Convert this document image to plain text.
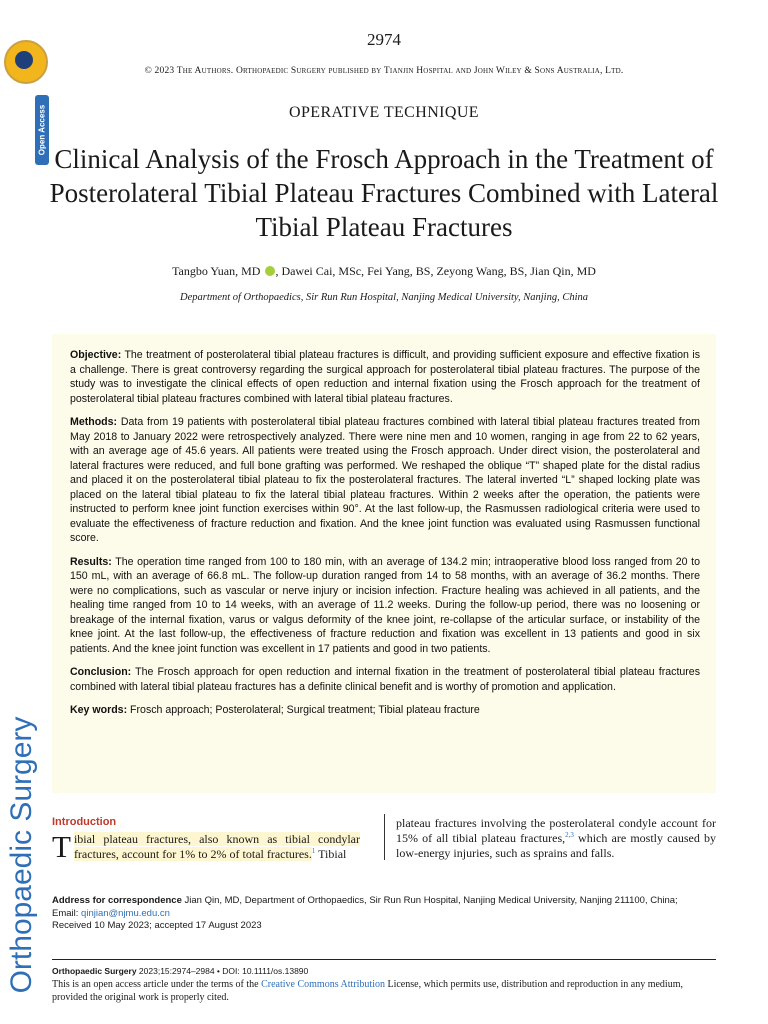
Open Access
Orthopaedic Surgery
2974
© 2023 The Authors. Orthopaedic Surgery published by Tianjin Hospital and John Wiley & Sons Australia, Ltd.
OPERATIVE TECHNIQUE
Clinical Analysis of the Frosch Approach in the Treatment of Posterolateral Tibial Plateau Fractures Combined with Lateral Tibial Plateau Fractures
Tangbo Yuan, MD , Dawei Cai, MSc, Fei Yang, BS, Zeyong Wang, BS, Jian Qin, MD
Department of Orthopaedics, Sir Run Run Hospital, Nanjing Medical University, Nanjing, China

Objective: The treatment of posterolateral tibial plateau fractures is difficult, and providing sufficient exposure and effective fixation is a challenge. There is great controversy regarding the surgical approach for posterolateral tibial plateau fractures. The purpose of the study was to investigate the clinical effects of open reduction and internal fixation using the Frosch approach for the treatment of posterolateral tibial plateau fractures combined with lateral tibial plateau fractures.

Methods: Data from 19 patients with posterolateral tibial plateau fractures combined with lateral tibial plateau fractures treated from May 2018 to January 2022 were retrospectively analyzed. There were nine men and 10 women, ranging in age from 22 to 62 years, with an average age of 45.6 years. All patients were treated using the Frosch approach. Under direct vision, the posterolateral and lateral fractures were reduced, and full bone grafting was performed. We reshaped the oblique “T” shaped plate for the distal radius and placed it on the posterolateral tibial plateau to fix the posterolateral fractures. The lateral inverted “L” shaped locking plate was placed on the lateral tibial plateau to fix the lateral tibial plateau fractures. Within 2 weeks after the operation, the patients were instructed to perform knee joint function exercises within 90°. At the last follow-up, the Rasmussen radiological criteria were used to evaluate the effectiveness of fracture reduction and fixation. And the knee joint function was evaluated using Rasmussen functional score.

Results: The operation time ranged from 100 to 180 min, with an average of 134.2 min; intraoperative blood loss ranged from 20 to 150 mL, with an average of 66.8 mL. The follow-up duration ranged from 14 to 58 months, with an average of 36.2 months. There were no complications, such as vascular or nerve injury or incision infection. Fracture healing was achieved in all patients, and the healing time ranged from 10 to 14 weeks, with an average of 11.2 weeks. During the follow-up period, there was no loosening or breakage of the internal fixation, varus or valgus deformity of the knee joint, re-collapse of the articular surface, or instability of the knee joint. At the last follow-up, the effectiveness of fracture reduction and fixation was excellent in 13 patients and good in six patients. And the knee joint function was excellent in 17 patients and good in two patients.

Conclusion: The Frosch approach for open reduction and internal fixation in the treatment of posterolateral tibial plateau fractures combined with lateral tibial plateau fractures has a definite clinical benefit and is worthy of promotion and application.

Key words: Frosch approach; Posterolateral; Surgical treatment; Tibial plateau fracture

Introduction

Tibial plateau fractures, also known as tibial condylar fractures, account for 1% to 2% of total fractures.$^1$ Tibial

plateau fractures involving the posterolateral condyle account for 15% of all tibial plateau fractures,$^{2,3}$ which are mostly caused by low-energy injuries, such as sprains and falls.

Address for correspondence Jian Qin, MD, Department of Orthopaedics, Sir Run Run Hospital, Nanjing Medical University, Nanjing 211100, China;
Email: qinjian@njmu.edu.cn
Received 10 May 2023; accepted 17 August 2023
Orthopaedic Surgery 2023;15:2974–2984 • DOI: 10.1111/os.13890
This is an open access article under the terms of the Creative Commons Attribution License, which permits use, distribution and reproduction in any medium, provided the original work is properly cited.
